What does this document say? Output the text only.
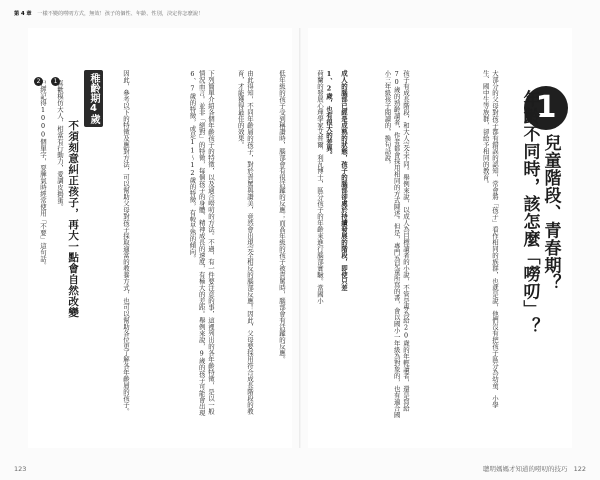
第 4 章 一樣不變的嘮叨方式，無效！孩子的個性、年齡、性別，決定你怎麼說！
1
兒童階段、青春期？
年齡不同時，該怎麼「嘮叨」？
大部分的父母對孩子都有錯誤的認知，常會將「孩子」看作相同的族群，也就是說，他們沒有把孩子區分為幼童、小學生、國中生等族群，卻給予相同的教育。
孩子有成長階段，和大人完全不同。舉例來說，以成人為目標讀者的小說，不管是專為給20歲的年輕讀者，還是寫給70歲的熟齡讀者，作者都會採用相同的方式陳述。但是，專門為兒童所寫的書，會以國小一年級為對象的，也有適合國小三年級孩子閱讀的，換句話說，
成人的腦部已經是成熟的狀態，孩子的腦部卻處於持續發展的階段，即使只差
1、2歲，也有很大的差異。
荷蘭的發展心理學家艾普爾．利瓦博士，區分孩子的年齡來進行腦部實驗。當國小
低年級的孩子受到稱讚時，腦部會有很活躍的反應；而高年級的孩子被責罵時，腦部會有活躍的反應。
由此得知，不同年齡層的孩子，對於責罵與讚美，竟然會出現完全相反的腦部反應！因此，父母要採用符合成長階段的教育，才能獲得最佳的效果。
下列簡單介紹各個年齡孩子的特徵，以及適合嘮叨的方法。不過，有一件要注意的事，這裡列出的各年齡特徵，是以一般情況而言。並非「絕對」的特徵，每個孩子的身體、精神成長的速度，有極大的差距。舉例來說，9歲的孩子可能會出現6、7歲的特徵，或是11～12歲的特徵，有較早熟的傾向。
因此，參考以下的特徵及應對方法，可以幫助父母對孩子採取適當的教養方式，也可以幫助各位更了解各年齡層的孩子。
稚齡期4歲
不須刻意糾正孩子，再大一點會自然改變
1
喜歡模仿大人，相當有行動力，愛調皮搗蛋。
2
已經記得1000個單字，耍脾氣時經常使用「不要」這句話。
123	聰明媽媽才知道的嘮叨的技巧 122
